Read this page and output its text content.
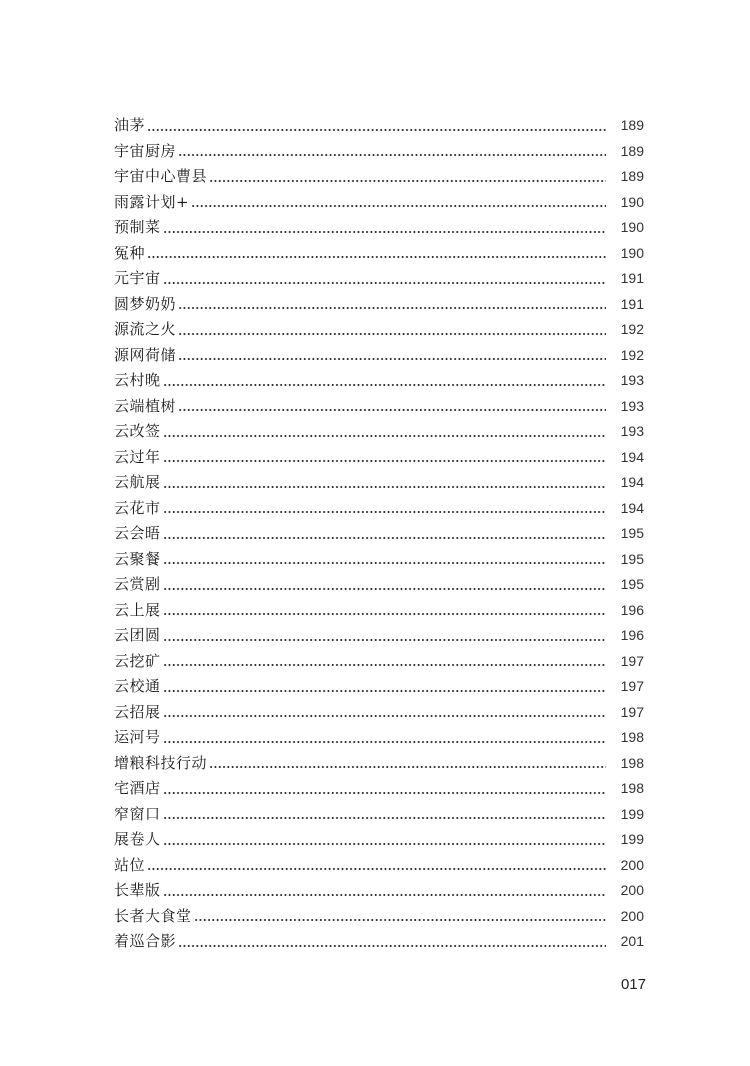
油茅	189
宇宙厨房	189
宇宙中心曹县	189
雨露计划+	190
预制菜	190
冤种	190
元宇宙	191
圆梦奶奶	191
源流之火	192
源网荷储	192
云村晚	193
云端植树	193
云改签	193
云过年	194
云航展	194
云花市	194
云会晤	195
云聚餐	195
云赏剧	195
云上展	196
云团圆	196
云挖矿	197
云校通	197
云招展	197
运河号	198
增粮科技行动	198
宅酒店	198
窄窗口	199
展卷人	199
站位	200
长辈版	200
长者大食堂	200
着巡合影	201
017
